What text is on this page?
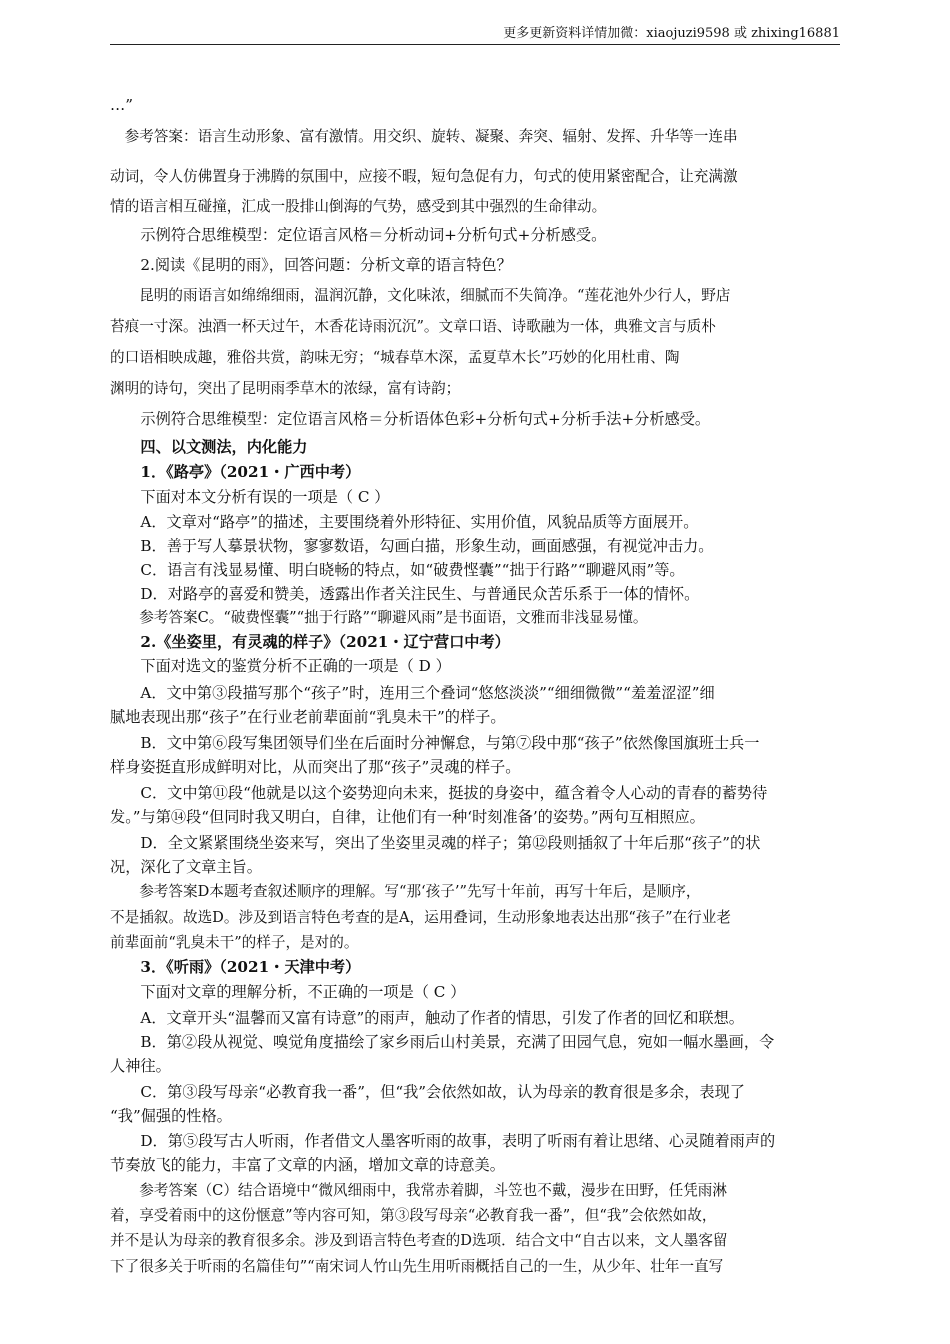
更多更新资料详情加微：xiaojuzi9598 或 zhixing16881
…”
　参考答案：语言生动形象、富有激情。用交织、旋转、凝聚、奔突、辐射、发挥、升华等一连串
动词，令人仿佛置身于沸腾的氛围中，应接不暇，短句急促有力，句式的使用紧密配合，让充满激
情的语言相互碰撞，汇成一股排山倒海的气势，感受到其中强烈的生命律动。
　　示例符合思维模型：定位语言风格＝分析动词+分析句式+分析感受。
　　2.阅读《昆明的雨》，回答问题：分析文章的语言特色？
　　昆明的雨语言如绵绵细雨，温润沉静，文化味浓，细腻而不失简净。“莲花池外少行人，野店
苔痕一寸深。浊酒一杯天过午，木香花诗雨沉沉”。文章口语、诗歌融为一体，典雅文言与质朴
的口语相映成趣，雅俗共赏，韵味无穷；“城春草木深，孟夏草木长”巧妙的化用杜甫、陶
渊明的诗句，突出了昆明雨季草木的浓绿，富有诗韵；
　　示例符合思维模型：定位语言风格＝分析语体色彩+分析句式+分析手法+分析感受。
　　四、以文测法，内化能力
　　1．《路亭》（2021・广西中考）
　　下面对本文分析有误的一项是（ C ）
　　A．文章对“路亭”的描述，主要围绕着外形特征、实用价值，风貌品质等方面展开。
　　B．善于写人摹景状物，寥寥数语，勾画白描，形象生动，画面感强，有视觉冲击力。
　　C．语言有浅显易懂、明白晓畅的特点，如“破费悭囊”“拙于行路”“聊避风雨”等。
　　D．对路亭的喜爱和赞美，透露出作者关注民生、与普通民众苦乐系于一体的情怀。
　　参考答案C。“破费悭囊”“拙于行路”“聊避风雨”是书面语，文雅而非浅显易懂。
　　2.《坐姿里，有灵魂的样子》（2021・辽宁营口中考）
　　下面对选文的鉴赏分析不正确的一项是（ D ）
　　A．文中第③段描写那个“孩子”时，连用三个叠词“悠悠淡淡”“细细微微”“羞羞涩涩”细
腻地表现出那“孩子”在行业老前辈面前“乳臭未干”的样子。
　　B．文中第⑥段写集团领导们坐在后面时分神懈怠，与第⑦段中那“孩子”依然像国旗班士兵一
样身姿挺直形成鲜明对比，从而突出了那“孩子”灵魂的样子。
　　C．文中第⑪段“他就是以这个姿势迎向未来，挺拔的身姿中，蕴含着令人心动的青春的蓄势待
发。”与第⑭段“但同时我又明白，自律，让他们有一种‘时刻准备’的姿势。”两句互相照应。
　　D．全文紧紧围绕坐姿来写，突出了坐姿里灵魂的样子；第⑫段则插叙了十年后那“孩子”的状
况，深化了文章主旨。
　　参考答案D本题考查叙述顺序的理解。写“那‘孩子’”先写十年前，再写十年后，是顺序，
不是插叙。故选D。涉及到语言特色考查的是A，运用叠词，生动形象地表达出那“孩子”在行业老
前辈面前“乳臭未干”的样子，是对的。
　　3．《听雨》（2021・天津中考）
　　下面对文章的理解分析，不正确的一项是（ C ）
　　A．文章开头“温馨而又富有诗意”的雨声，触动了作者的情思，引发了作者的回忆和联想。
　　B．第②段从视觉、嗅觉角度描绘了家乡雨后山村美景，充满了田园气息，宛如一幅水墨画，令
人神往。
　　C．第③段写母亲“必教育我一番”，但“我”会依然如故，认为母亲的教育很是多余，表现了
“我”倔强的性格。
　　D．第⑤段写古人听雨，作者借文人墨客听雨的故事，表明了听雨有着让思绪、心灵随着雨声的
节奏放飞的能力，丰富了文章的内涵，增加文章的诗意美。
　　参考答案（C）结合语境中“微风细雨中，我常赤着脚，斗笠也不戴，漫步在田野，任凭雨淋
着，享受着雨中的这份惬意”等内容可知，第③段写母亲“必教育我一番”，但“我”会依然如故，
并不是认为母亲的教育很多余。涉及到语言特色考查的D选项．结合文中“自古以来，文人墨客留
下了很多关于听雨的名篇佳句”“南宋词人竹山先生用听雨概括自己的一生，从少年、壮年一直写
